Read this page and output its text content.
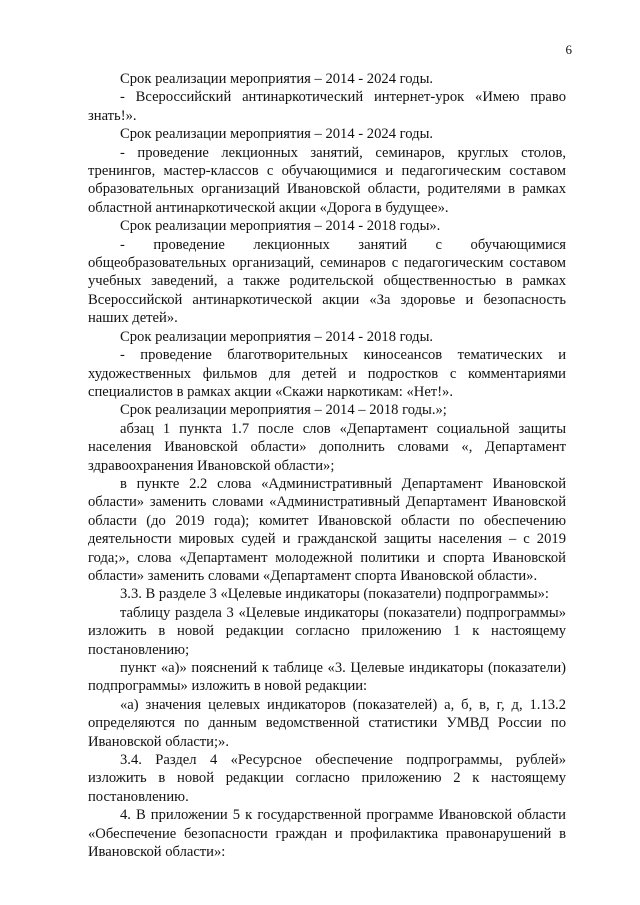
6

Срок реализации мероприятия – 2014 - 2024 годы.

- Всероссийский антинаркотический интернет-урок «Имею право знать!».

Срок реализации мероприятия – 2014 - 2024 годы.

- проведение лекционных занятий, семинаров, круглых столов, тренингов, мастер-классов с обучающимися и педагогическим составом образовательных организаций Ивановской области, родителями в рамках областной антинаркотической акции «Дорога в будущее».

Срок реализации мероприятия – 2014 - 2018 годы».

- проведение лекционных занятий с обучающимися общеобразовательных организаций, семинаров с педагогическим составом учебных заведений, а также родительской общественностью в рамках Всероссийской антинаркотической акции «За здоровье и безопасность наших детей».

Срок реализации мероприятия – 2014 - 2018 годы.

- проведение благотворительных киносеансов тематических и художественных фильмов для детей и подростков с комментариями специалистов в рамках акции «Скажи наркотикам: «Нет!».

Срок реализации мероприятия – 2014 – 2018 годы.»;

абзац 1 пункта 1.7 после слов «Департамент социальной защиты населения Ивановской области» дополнить словами «, Департамент здравоохранения Ивановской области»;

в пункте 2.2 слова «Административный Департамент Ивановской области» заменить словами «Административный Департамент Ивановской области (до 2019 года); комитет Ивановской области по обеспечению деятельности мировых судей и гражданской защиты населения – с 2019 года;», слова «Департамент молодежной политики и спорта Ивановской области» заменить словами «Департамент спорта Ивановской области».

3.3. В разделе 3 «Целевые индикаторы (показатели) подпрограммы»:

таблицу раздела 3 «Целевые индикаторы (показатели) подпрограммы» изложить в новой редакции согласно приложению 1 к настоящему постановлению;

пункт «а)» пояснений к таблице «3. Целевые индикаторы (показатели) подпрограммы» изложить в новой редакции:

«а) значения целевых индикаторов (показателей) а, б, в, г, д, 1.13.2 определяются по данным ведомственной статистики УМВД России по Ивановской области;».

3.4. Раздел 4 «Ресурсное обеспечение подпрограммы, рублей» изложить в новой редакции согласно приложению 2 к настоящему постановлению.

4. В приложении 5 к государственной программе Ивановской области «Обеспечение безопасности граждан и профилактика правонарушений в Ивановской области»:
